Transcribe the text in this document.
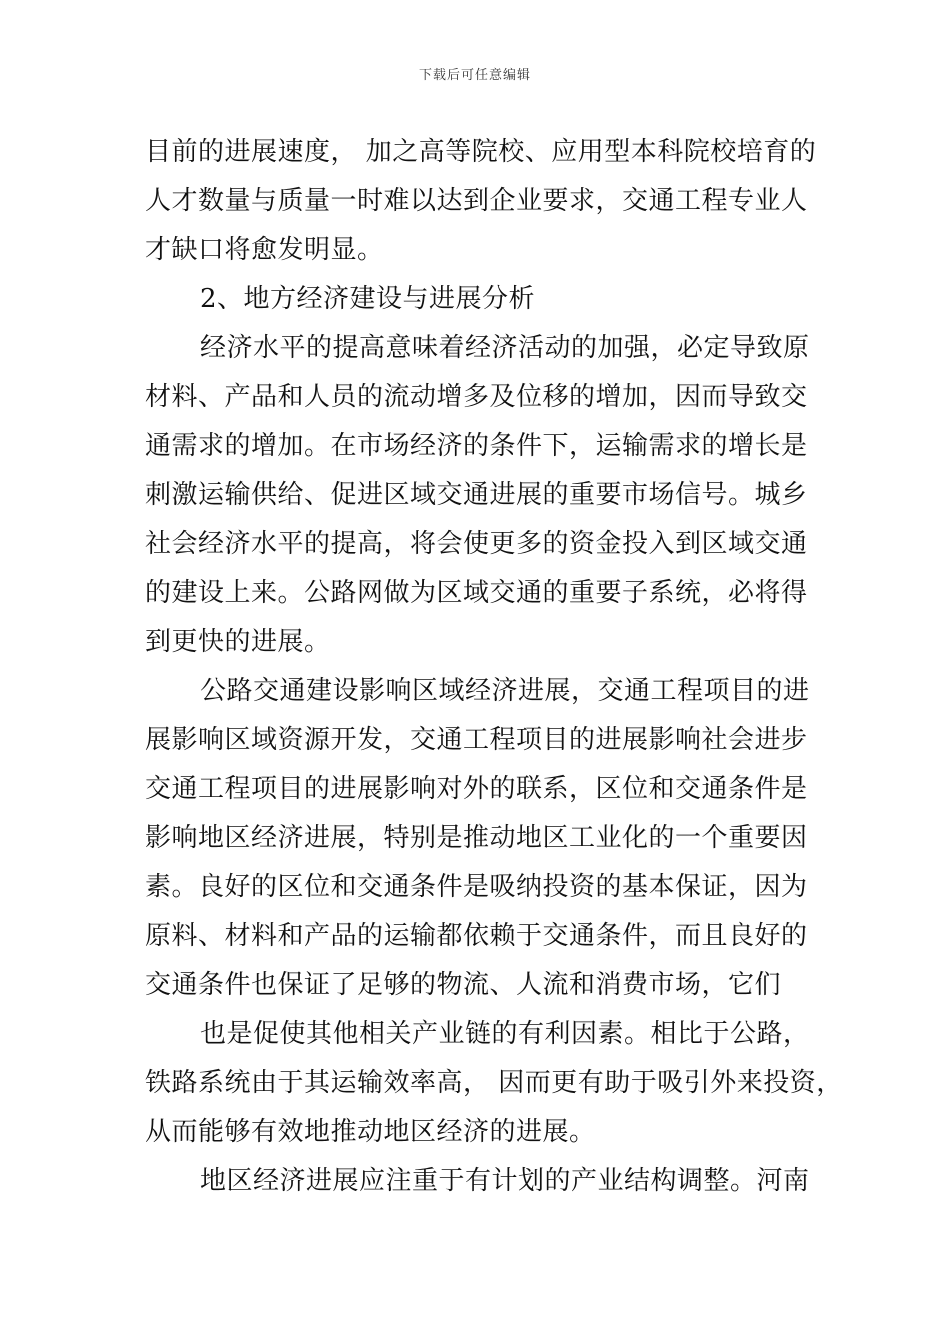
下载后可任意编辑
目前的进展速度， 加之高等院校、应用型本科院校培育的
人才数量与质量一时难以达到企业要求，交通工程专业人
才缺口将愈发明显。
2、地方经济建设与进展分析
经济水平的提高意味着经济活动的加强，必定导致原
材料、产品和人员的流动增多及位移的增加，因而导致交
通需求的增加。在市场经济的条件下，运输需求的增长是
刺激运输供给、促进区域交通进展的重要市场信号。城乡
社会经济水平的提高，将会使更多的资金投入到区域交通
的建设上来。公路网做为区域交通的重要子系统，必将得
到更快的进展。
公路交通建设影响区域经济进展，交通工程项目的进
展影响区域资源开发，交通工程项目的进展影响社会进步
交通工程项目的进展影响对外的联系，区位和交通条件是
影响地区经济进展，特别是推动地区工业化的一个重要因
素。良好的区位和交通条件是吸纳投资的基本保证，因为
原料、材料和产品的运输都依赖于交通条件，而且良好的
交通条件也保证了足够的物流、人流和消费市场，它们
也是促使其他相关产业链的有利因素。相比于公路，
铁路系统由于其运输效率高， 因而更有助于吸引外来投资，
从而能够有效地推动地区经济的进展。
地区经济进展应注重于有计划的产业结构调整。河南
